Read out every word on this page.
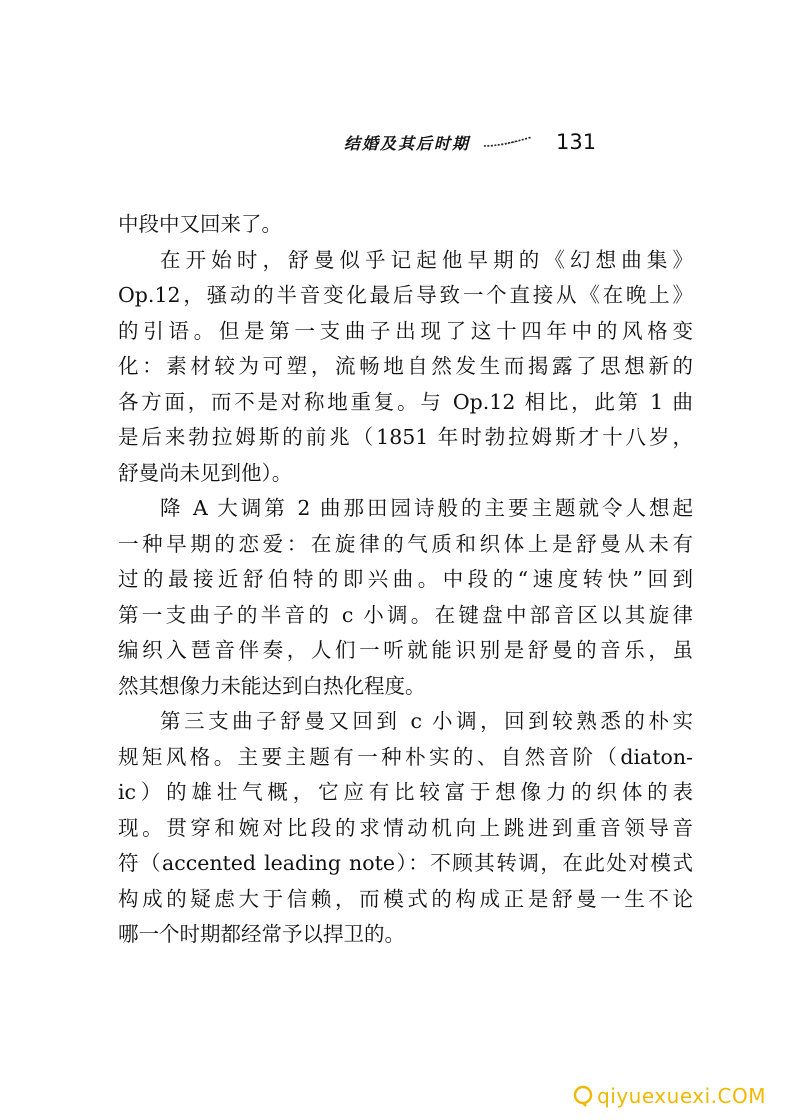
结婚及其后时期	131
中段中又回来了。
在开始时，舒曼似乎记起他早期的《幻想曲集》
Op.12，骚动的半音变化最后导致一个直接从《在晚上》
的引语。但是第一支曲子出现了这十四年中的风格变
化：素材较为可塑，流畅地自然发生而揭露了思想新的
各方面，而不是对称地重复。与 Op.12 相比，此第 1 曲
是后来勃拉姆斯的前兆（1851 年时勃拉姆斯才十八岁，
舒曼尚未见到他）。
降 A 大调第 2 曲那田园诗般的主要主题就令人想起
一种早期的恋爱：在旋律的气质和织体上是舒曼从未有
过的最接近舒伯特的即兴曲。中段的“速度转快”回到
第一支曲子的半音的 c 小调。在键盘中部音区以其旋律
编织入琶音伴奏，人们一听就能识别是舒曼的音乐，虽
然其想像力未能达到白热化程度。
第三支曲子舒曼又回到 c 小调，回到较熟悉的朴实
规矩风格。主要主题有一种朴实的、自然音阶（diaton-
ic）的雄壮气概，它应有比较富于想像力的织体的表
现。贯穿和婉对比段的求情动机向上跳进到重音领导音
符（accented leading note）：不顾其转调，在此处对模式
构成的疑虑大于信赖，而模式的构成正是舒曼一生不论
哪一个时期都经常予以捍卫的。
qiyuexuexi.COM
